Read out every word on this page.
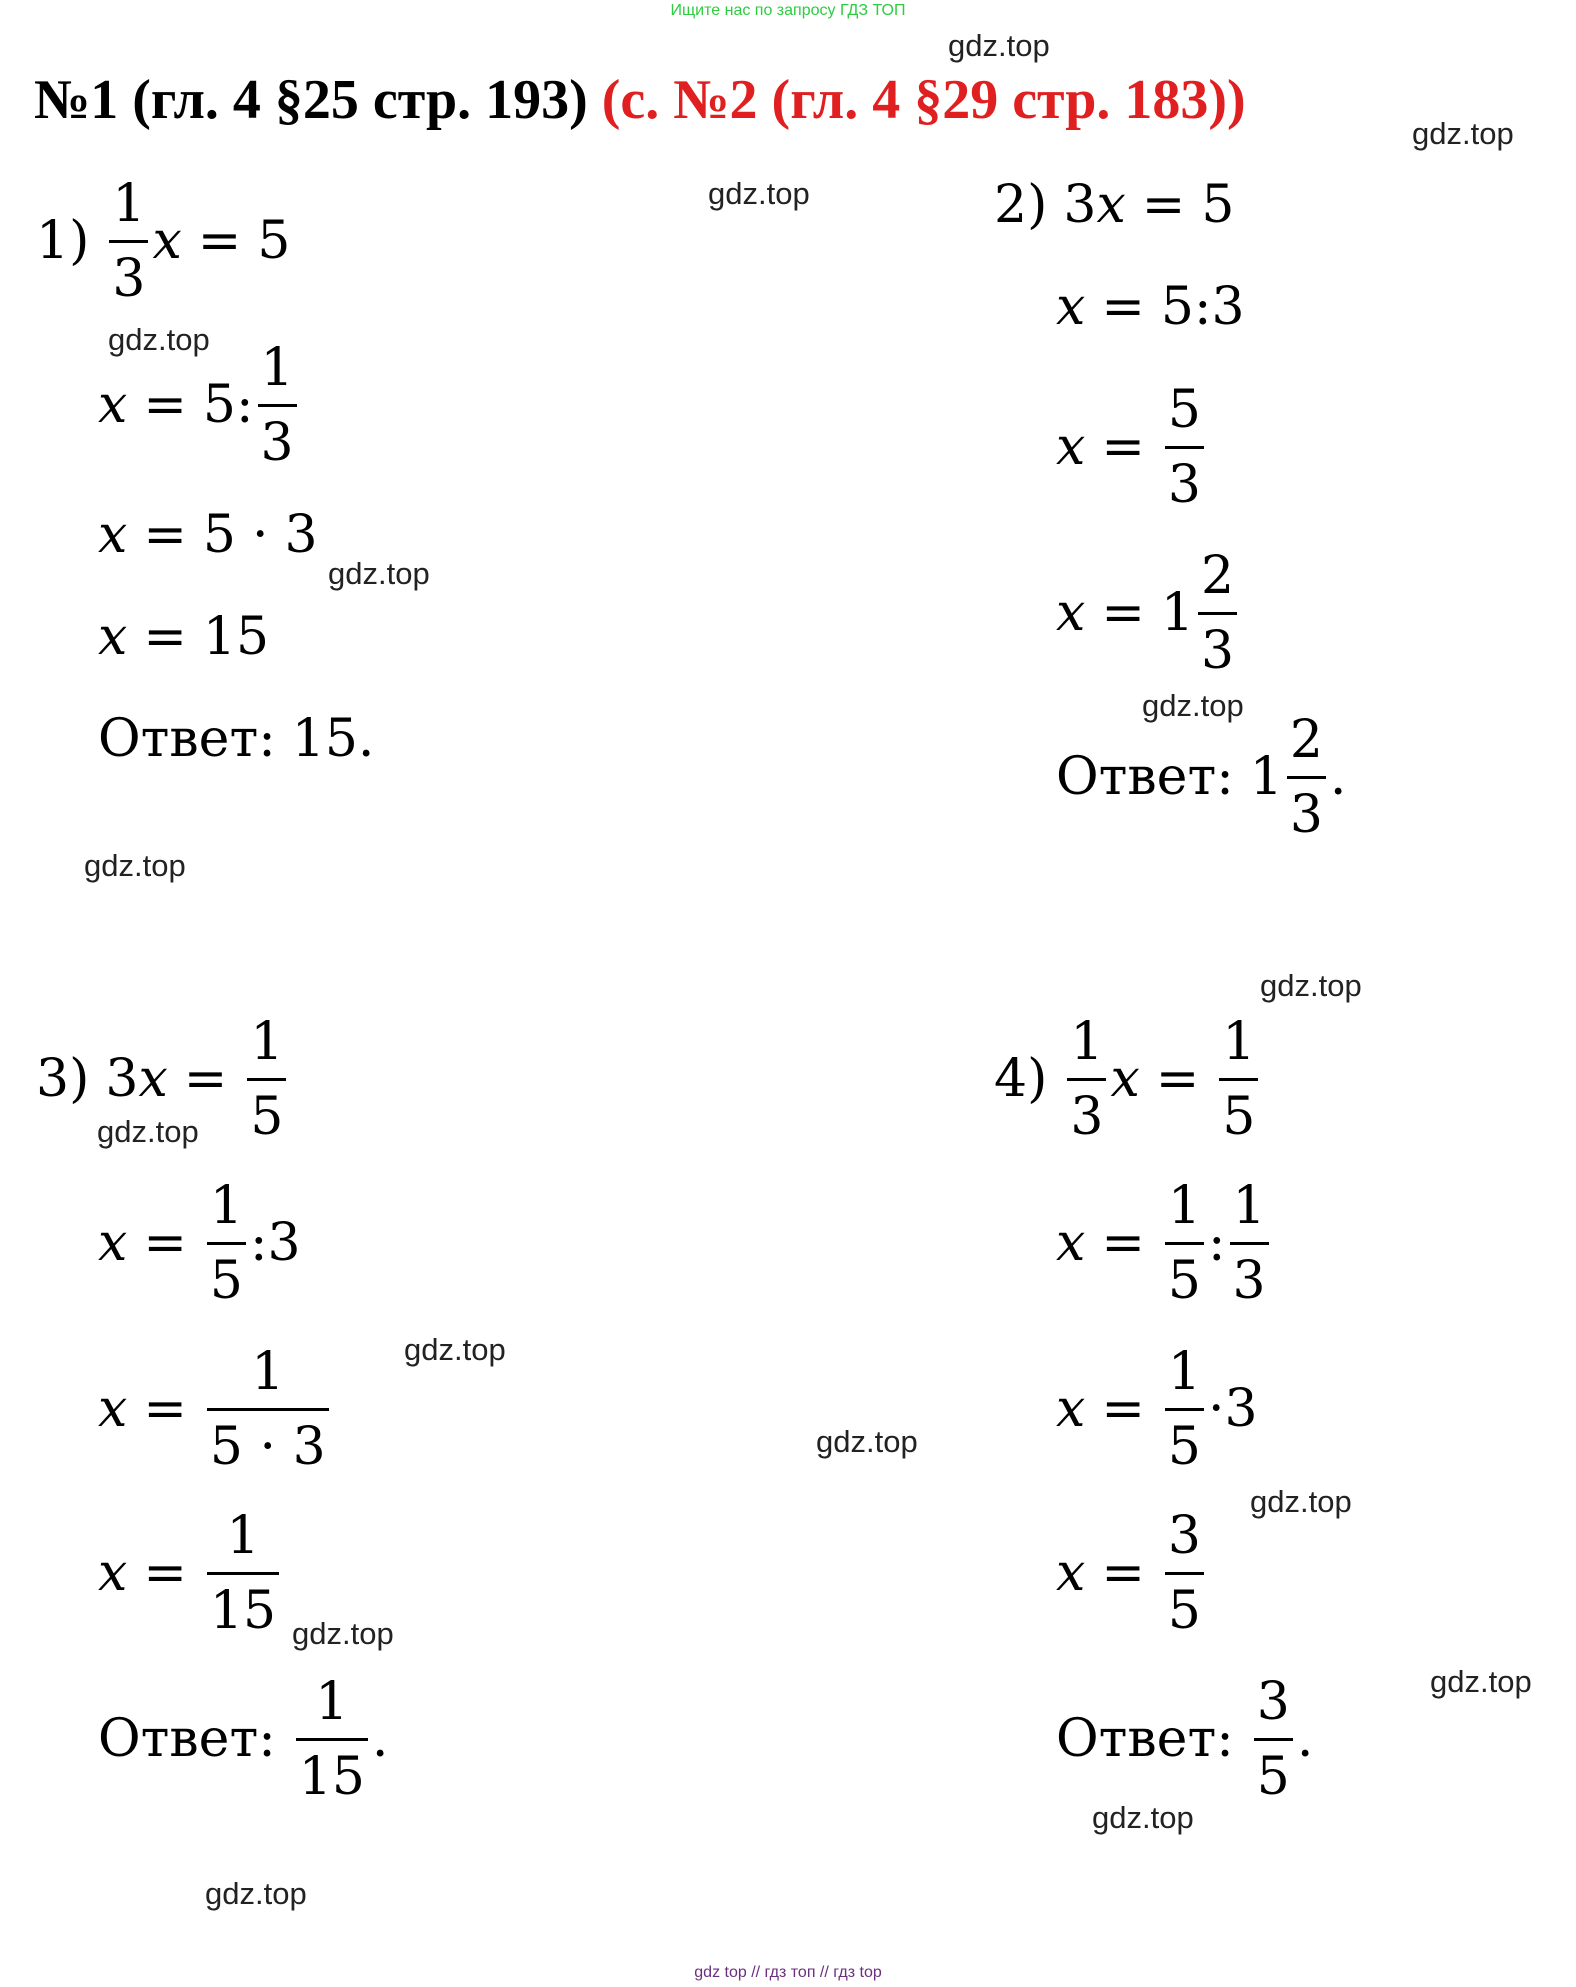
Ищите нас по запросу ГДЗ ТОП
№1 (гл. 4 §25 стр. 193) (с. №2 (гл. 4 §29 стр. 183))
gdz.top
gdz.top
gdz.top
gdz.top
gdz.top
gdz.top
gdz.top
gdz.top
gdz.top
gdz.top
gdz.top
gdz.top
gdz.top
gdz.top
gdz.top
gdz.top
$1) \frac{1}{3}$ x = 5
x = 5 : $\frac{1}{3}$
x = 5 · 3
x = 15
Ответ: 15.
2) 3 x = 5
x = 5 : 3
$x = \frac{5}{3}$
$x = 1 \frac{2}{3}$
Ответ: $1 \frac{2}{3}$ .
3) 3 $x = \frac{1}{5}$
$x = \frac{1}{5}$ : 3
$x = \frac{1}{5 \cdot 3}$
$x = \frac{1}{15}$
Ответ: $\frac{1}{15}$ .
$4) \frac{1}{3}$ $x = \frac{1}{5}$
$x = \frac{1}{5}$ : $\frac{1}{3}$
$x = \frac{1}{5} \cdot 3$
$x = \frac{3}{5}$
Ответ: $\frac{3}{5}$ .
gdz top // гдз топ // гдз top
